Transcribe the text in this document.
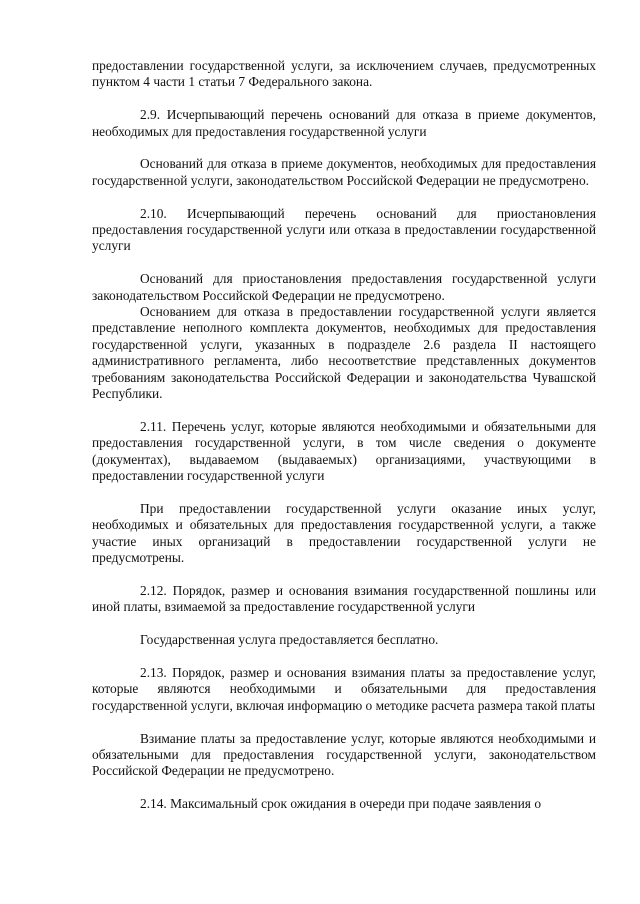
предоставлении государственной услуги, за исключением случаев, предусмотренных пунктом 4 части 1 статьи 7 Федерального закона.

2.9. Исчерпывающий перечень оснований для отказа в приеме документов, необходимых для предоставления государственной услуги

Оснований для отказа в приеме документов, необходимых для предоставления государственной услуги, законодательством Российской Федерации не предусмотрено.

2.10. Исчерпывающий перечень оснований для приостановления предоставления государственной услуги или отказа в предоставлении государственной услуги

Оснований для приостановления предоставления государственной услуги законодательством Российской Федерации не предусмотрено.

Основанием для отказа в предоставлении государственной услуги является представление неполного комплекта документов, необходимых для предоставления государственной услуги, указанных в подразделе 2.6 раздела II настоящего административного регламента, либо несоответствие представленных документов требованиям законодательства Российской Федерации и законодательства Чувашской Республики.

2.11. Перечень услуг, которые являются необходимыми и обязательными для предоставления государственной услуги, в том числе сведения о документе (документах), выдаваемом (выдаваемых) организациями, участвующими в предоставлении государственной услуги

При предоставлении государственной услуги оказание иных услуг, необходимых и обязательных для предоставления государственной услуги, а также участие иных организаций в предоставлении государственной услуги не предусмотрены.

2.12. Порядок, размер и основания взимания государственной пошлины или иной платы, взимаемой за предоставление государственной услуги

Государственная услуга предоставляется бесплатно.

2.13. Порядок, размер и основания взимания платы за предоставление услуг, которые являются необходимыми и обязательными для предоставления государственной услуги, включая информацию о методике расчета размера такой платы

Взимание платы за предоставление услуг, которые являются необходимыми и обязательными для предоставления государственной услуги, законодательством Российской Федерации не предусмотрено.

2.14. Максимальный срок ожидания в очереди при подаче заявления о
